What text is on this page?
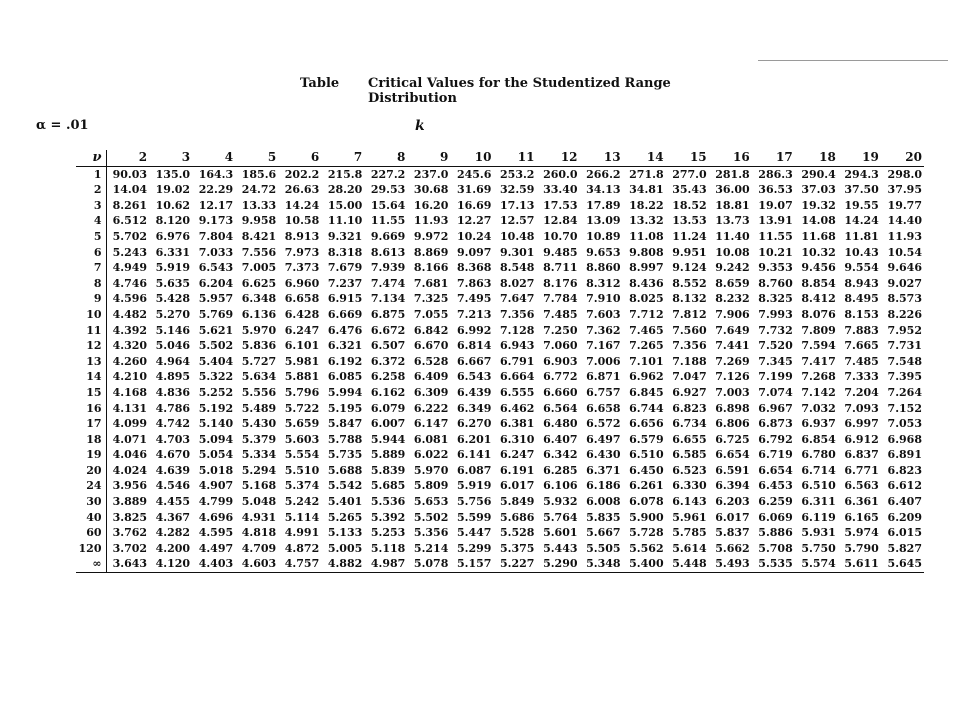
Table Critical Values for the Studentized Range Distribution
α = .01	k
ν	2	3	4	5	6	7	8	9	10	11	12	13	14	15	16	17	18	19	20
1	90.03	135.0	164.3	185.6	202.2	215.8	227.2	237.0	245.6	253.2	260.0	266.2	271.8	277.0	281.8	286.3	290.4	294.3	298.0
2	14.04	19.02	22.29	24.72	26.63	28.20	29.53	30.68	31.69	32.59	33.40	34.13	34.81	35.43	36.00	36.53	37.03	37.50	37.95
3	8.261	10.62	12.17	13.33	14.24	15.00	15.64	16.20	16.69	17.13	17.53	17.89	18.22	18.52	18.81	19.07	19.32	19.55	19.77
4	6.512	8.120	9.173	9.958	10.58	11.10	11.55	11.93	12.27	12.57	12.84	13.09	13.32	13.53	13.73	13.91	14.08	14.24	14.40
5	5.702	6.976	7.804	8.421	8.913	9.321	9.669	9.972	10.24	10.48	10.70	10.89	11.08	11.24	11.40	11.55	11.68	11.81	11.93
6	5.243	6.331	7.033	7.556	7.973	8.318	8.613	8.869	9.097	9.301	9.485	9.653	9.808	9.951	10.08	10.21	10.32	10.43	10.54
7	4.949	5.919	6.543	7.005	7.373	7.679	7.939	8.166	8.368	8.548	8.711	8.860	8.997	9.124	9.242	9.353	9.456	9.554	9.646
8	4.746	5.635	6.204	6.625	6.960	7.237	7.474	7.681	7.863	8.027	8.176	8.312	8.436	8.552	8.659	8.760	8.854	8.943	9.027
9	4.596	5.428	5.957	6.348	6.658	6.915	7.134	7.325	7.495	7.647	7.784	7.910	8.025	8.132	8.232	8.325	8.412	8.495	8.573
10	4.482	5.270	5.769	6.136	6.428	6.669	6.875	7.055	7.213	7.356	7.485	7.603	7.712	7.812	7.906	7.993	8.076	8.153	8.226
11	4.392	5.146	5.621	5.970	6.247	6.476	6.672	6.842	6.992	7.128	7.250	7.362	7.465	7.560	7.649	7.732	7.809	7.883	7.952
12	4.320	5.046	5.502	5.836	6.101	6.321	6.507	6.670	6.814	6.943	7.060	7.167	7.265	7.356	7.441	7.520	7.594	7.665	7.731
13	4.260	4.964	5.404	5.727	5.981	6.192	6.372	6.528	6.667	6.791	6.903	7.006	7.101	7.188	7.269	7.345	7.417	7.485	7.548
14	4.210	4.895	5.322	5.634	5.881	6.085	6.258	6.409	6.543	6.664	6.772	6.871	6.962	7.047	7.126	7.199	7.268	7.333	7.395
15	4.168	4.836	5.252	5.556	5.796	5.994	6.162	6.309	6.439	6.555	6.660	6.757	6.845	6.927	7.003	7.074	7.142	7.204	7.264
16	4.131	4.786	5.192	5.489	5.722	5.195	6.079	6.222	6.349	6.462	6.564	6.658	6.744	6.823	6.898	6.967	7.032	7.093	7.152
17	4.099	4.742	5.140	5.430	5.659	5.847	6.007	6.147	6.270	6.381	6.480	6.572	6.656	6.734	6.806	6.873	6.937	6.997	7.053
18	4.071	4.703	5.094	5.379	5.603	5.788	5.944	6.081	6.201	6.310	6.407	6.497	6.579	6.655	6.725	6.792	6.854	6.912	6.968
19	4.046	4.670	5.054	5.334	5.554	5.735	5.889	6.022	6.141	6.247	6.342	6.430	6.510	6.585	6.654	6.719	6.780	6.837	6.891
20	4.024	4.639	5.018	5.294	5.510	5.688	5.839	5.970	6.087	6.191	6.285	6.371	6.450	6.523	6.591	6.654	6.714	6.771	6.823
24	3.956	4.546	4.907	5.168	5.374	5.542	5.685	5.809	5.919	6.017	6.106	6.186	6.261	6.330	6.394	6.453	6.510	6.563	6.612
30	3.889	4.455	4.799	5.048	5.242	5.401	5.536	5.653	5.756	5.849	5.932	6.008	6.078	6.143	6.203	6.259	6.311	6.361	6.407
40	3.825	4.367	4.696	4.931	5.114	5.265	5.392	5.502	5.599	5.686	5.764	5.835	5.900	5.961	6.017	6.069	6.119	6.165	6.209
60	3.762	4.282	4.595	4.818	4.991	5.133	5.253	5.356	5.447	5.528	5.601	5.667	5.728	5.785	5.837	5.886	5.931	5.974	6.015
120	3.702	4.200	4.497	4.709	4.872	5.005	5.118	5.214	5.299	5.375	5.443	5.505	5.562	5.614	5.662	5.708	5.750	5.790	5.827
∞	3.643	4.120	4.403	4.603	4.757	4.882	4.987	5.078	5.157	5.227	5.290	5.348	5.400	5.448	5.493	5.535	5.574	5.611	5.645
